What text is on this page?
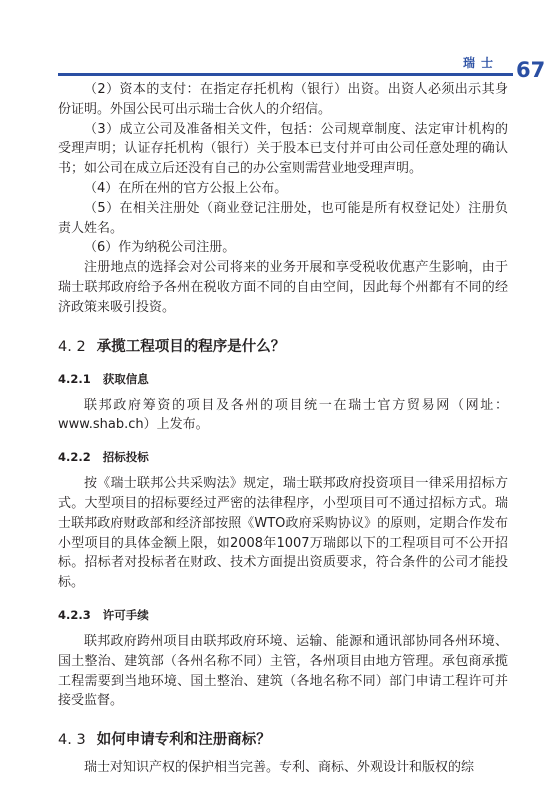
瑞士 67

（2）资本的支付：在指定存托机构（银行）出资。出资人必须出示其身份证明。外国公民可出示瑞士合伙人的介绍信。

（3）成立公司及准备相关文件，包括：公司规章制度、法定审计机构的受理声明；认证存托机构（银行）关于股本已支付并可由公司任意处理的确认书；如公司在成立后还没有自己的办公室则需营业地受理声明。

（4）在所在州的官方公报上公布。

（5）在相关注册处（商业登记注册处，也可能是所有权登记处）注册负责人姓名。

（6）作为纳税公司注册。

注册地点的选择会对公司将来的业务开展和享受税收优惠产生影响，由于瑞士联邦政府给予各州在税收方面不同的自由空间，因此每个州都有不同的经济政策来吸引投资。

4. 2 承揽工程项目的程序是什么？
4.2.1 获取信息

联邦政府筹资的项目及各州的项目统一在瑞士官方贸易网（网址：www.shab.ch）上发布。

4.2.2 招标投标

按《瑞士联邦公共采购法》规定，瑞士联邦政府投资项目一律采用招标方式。大型项目的招标要经过严密的法律程序，小型项目可不通过招标方式。瑞士联邦政府财政部和经济部按照《WTO政府采购协议》的原则，定期合作发布小型项目的具体金额上限，如2008年1007万瑞郎以下的工程项目可不公开招标。招标者对投标者在财政、技术方面提出资质要求，符合条件的公司才能投标。

4.2.3 许可手续

联邦政府跨州项目由联邦政府环境、运输、能源和通讯部协同各州环境、国土整治、建筑部（各州名称不同）主管，各州项目由地方管理。承包商承揽工程需要到当地环境、国土整治、建筑（各地名称不同）部门申请工程许可并接受监督。

4. 3 如何申请专利和注册商标？

瑞士对知识产权的保护相当完善。专利、商标、外观设计和版权的综
